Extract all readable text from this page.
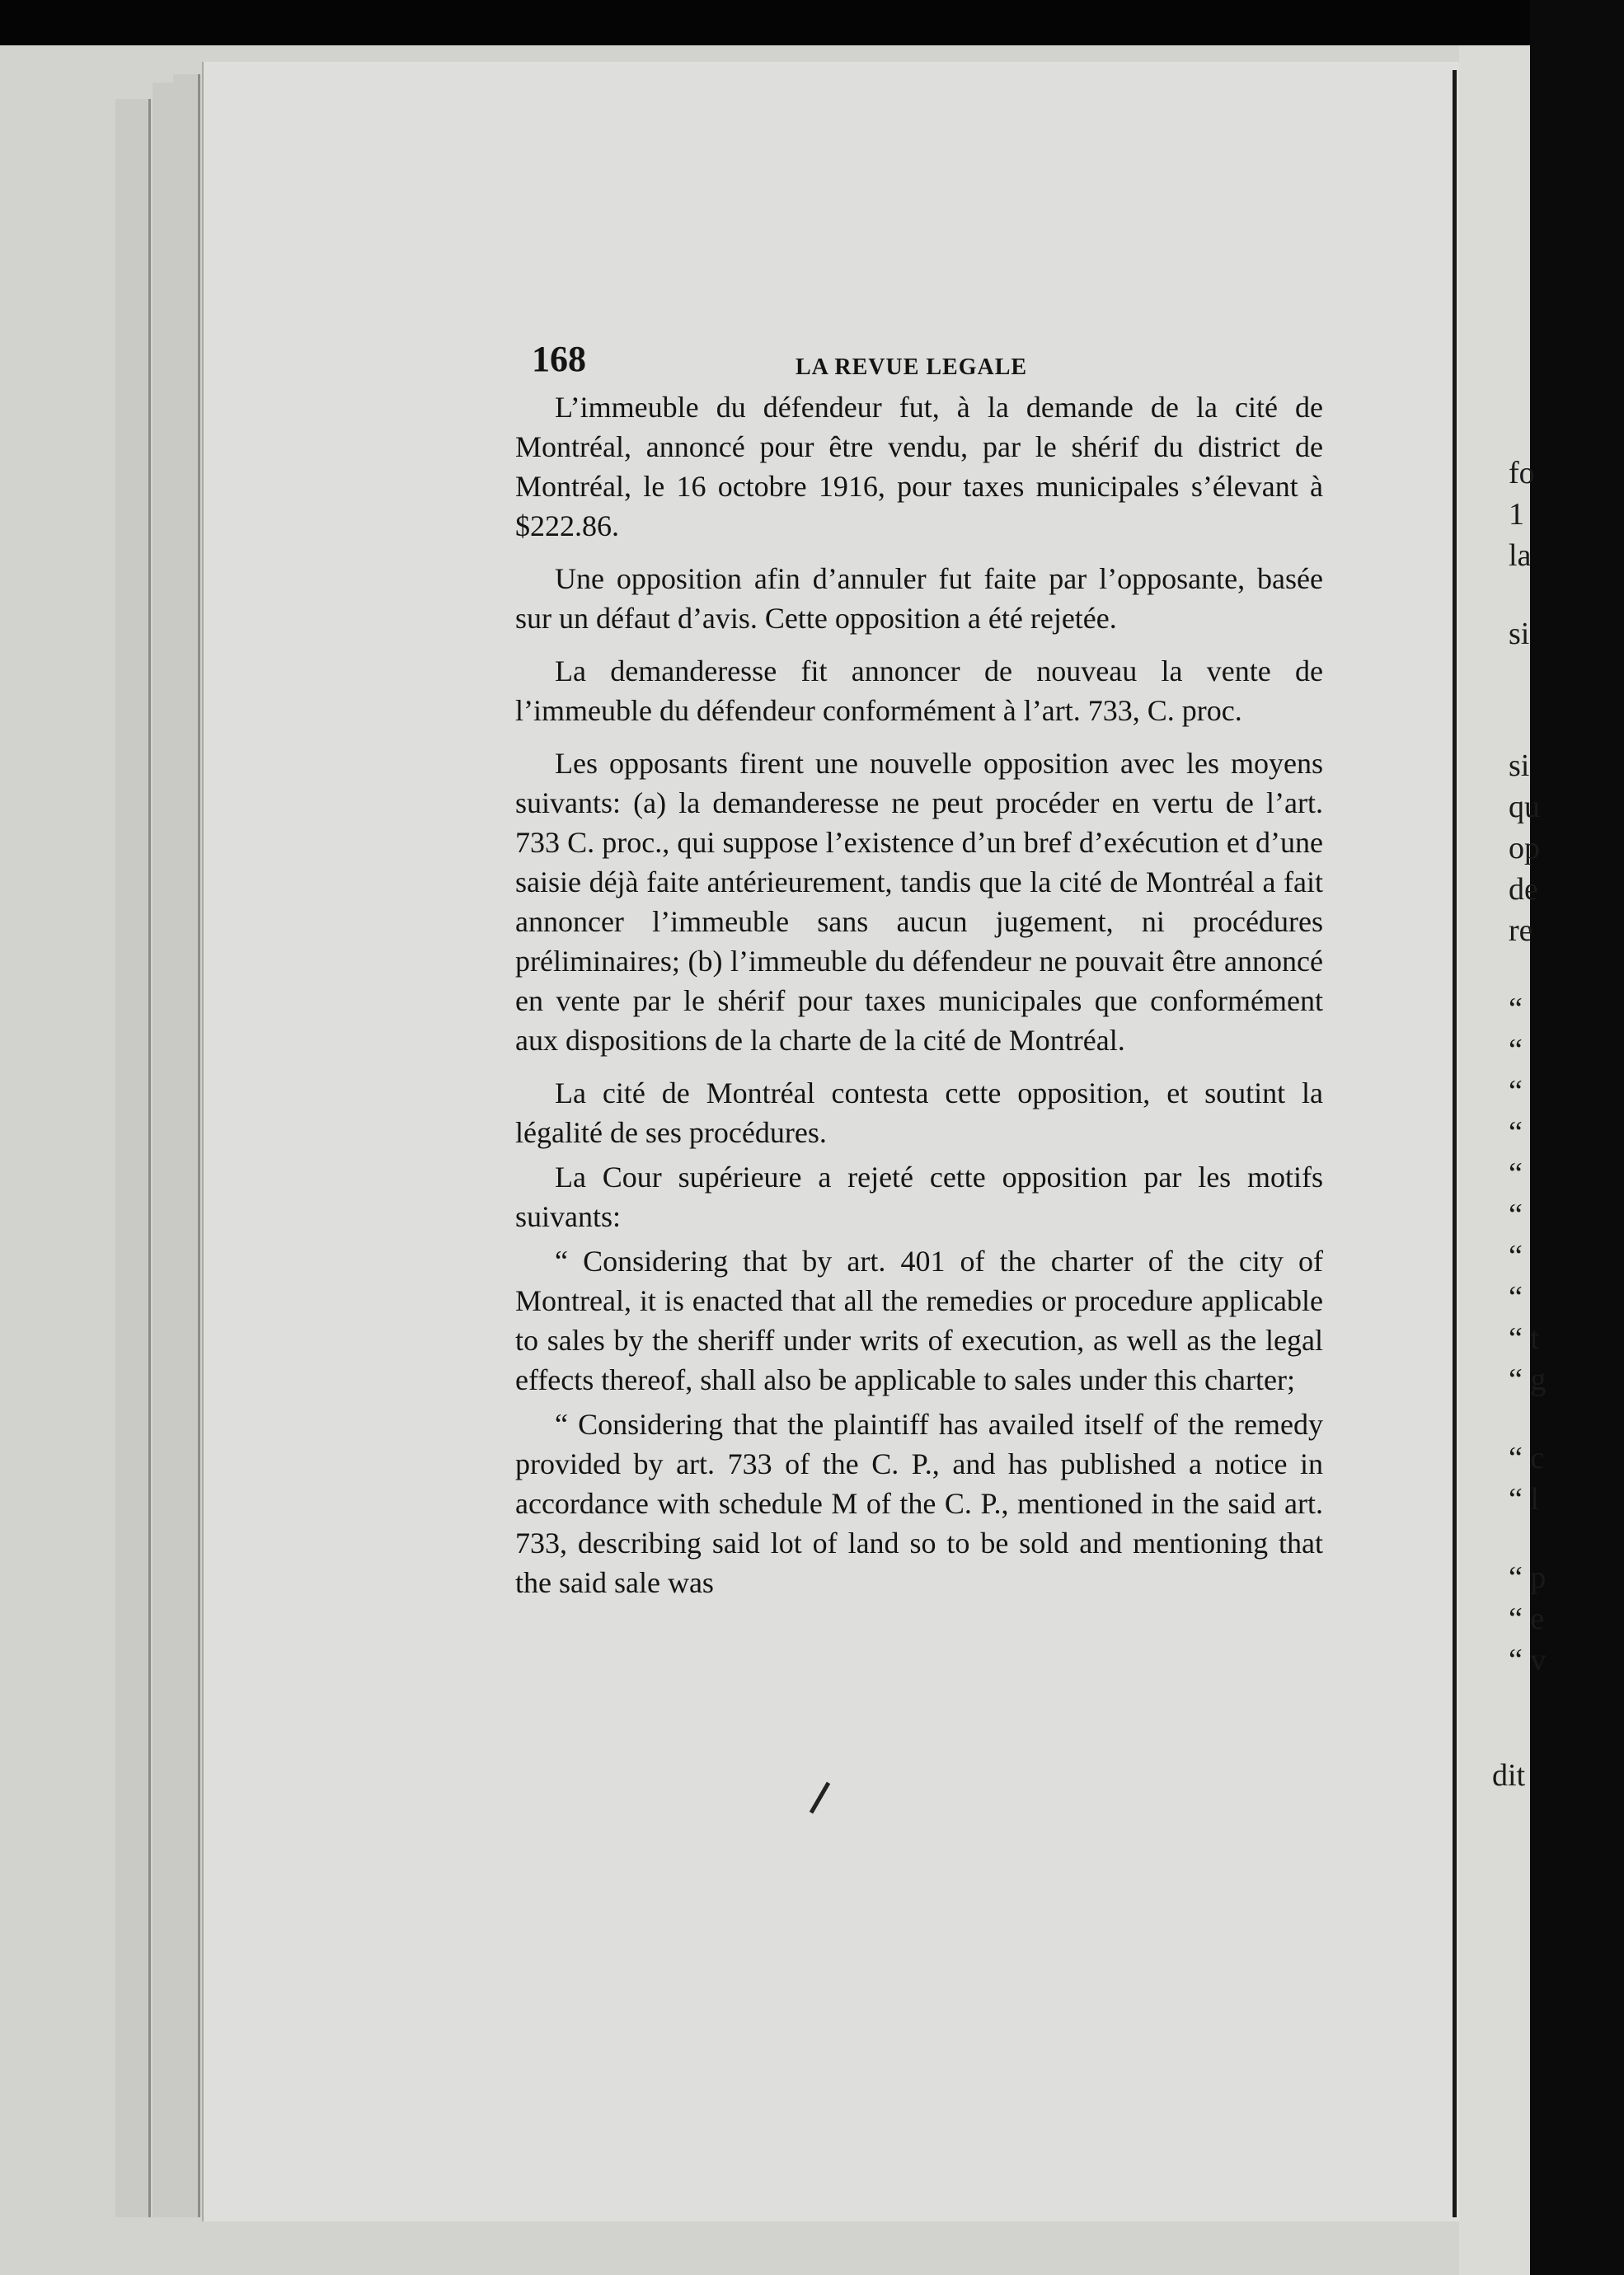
fo
1
la
si
si
qu
op
de
re
“
“
“
“
“
“
“
“
“ t
“ g
“ c
“ l
“ p
“ e
“ v
dit
168	LA REVUE LEGALE

L’immeuble du défendeur fut, à la demande de la cité de Montréal, annoncé pour être vendu, par le shérif du district de Montréal, le 16 octobre 1916, pour taxes municipales s’élevant à $222.86.

Une opposition afin d’annuler fut faite par l’opposante, basée sur un défaut d’avis. Cette opposition a été rejetée.

La demanderesse fit annoncer de nouveau la vente de l’immeuble du défendeur conformément à l’art. 733, C. proc.

Les opposants firent une nouvelle opposition avec les moyens suivants: (a) la demanderesse ne peut procéder en vertu de l’art. 733 C. proc., qui suppose l’existence d’un bref d’exécution et d’une saisie déjà faite antérieurement, tandis que la cité de Montréal a fait annoncer l’immeuble sans aucun jugement, ni procédures préliminaires; (b) l’immeuble du défendeur ne pouvait être annoncé en vente par le shérif pour taxes municipales que conformément aux dispositions de la charte de la cité de Montréal.

La cité de Montréal contesta cette opposition, et soutint la légalité de ses procédures.

La Cour supérieure a rejeté cette opposition par les motifs suivants:

“ Considering that by art. 401 of the charter of the city of Montreal, it is enacted that all the remedies or procedure applicable to sales by the sheriff under writs of execution, as well as the legal effects thereof, shall also be applicable to sales under this charter;

“ Considering that the plaintiff has availed itself of the remedy provided by art. 733 of the C. P., and has published a notice in accordance with schedule M of the C. P., mentioned in the said art. 733, describing said lot of land so to be sold and mentioning that the said sale was
